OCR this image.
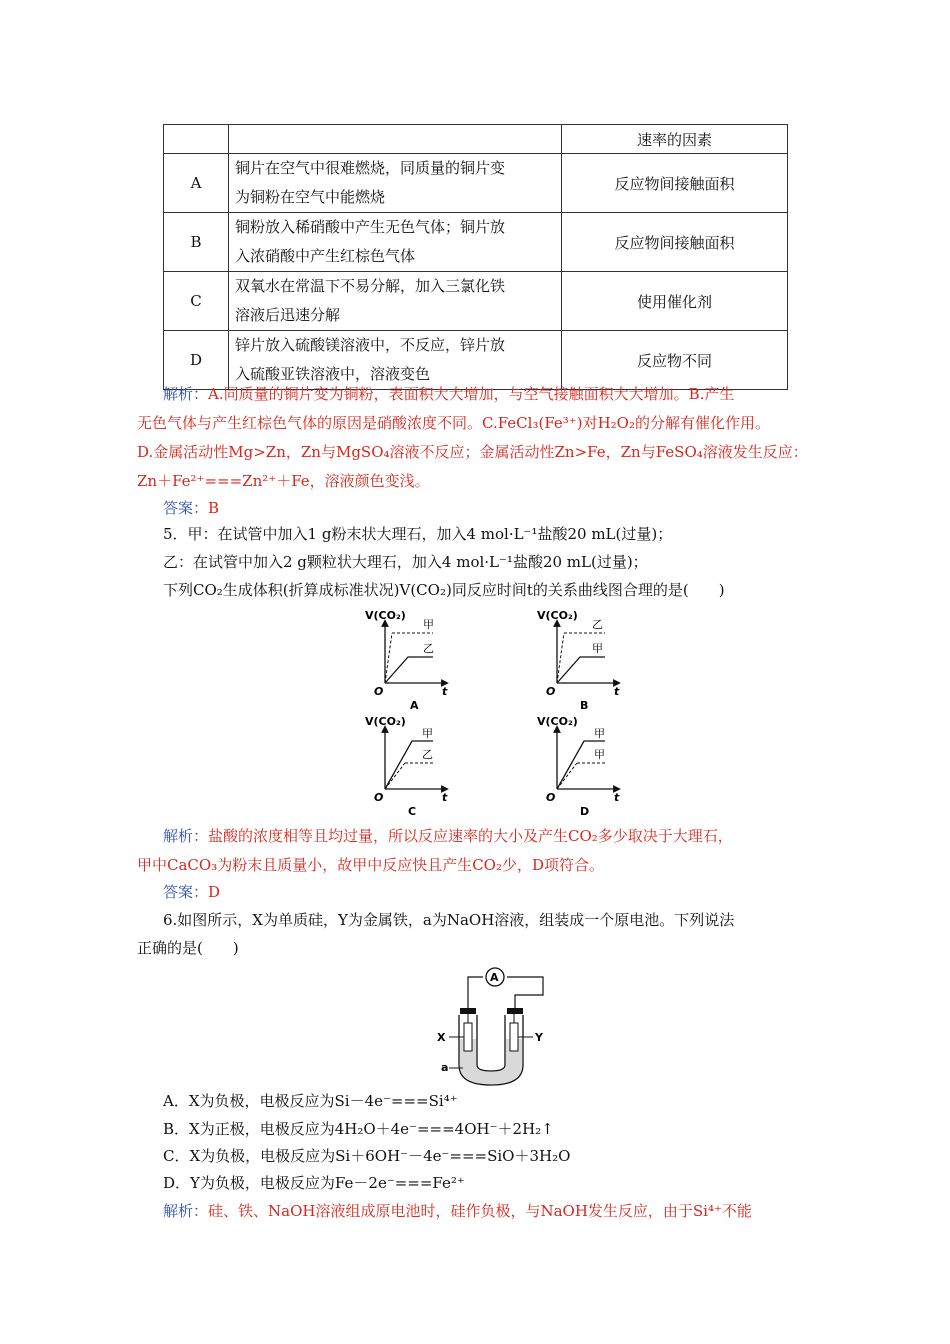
		速率的因素
A	铜片在空气中很难燃烧，同质量的铜片变
为铜粉在空气中能燃烧	反应物间接触面积
B	铜粉放入稀硝酸中产生无色气体；铜片放
入浓硝酸中产生红棕色气体	反应物间接触面积
C	双氧水在常温下不易分解，加入三氯化铁
溶液后迅速分解	使用催化剂
D	锌片放入硫酸镁溶液中，不反应，锌片放
入硫酸亚铁溶液中，溶液变色	反应物不同
解析：A.同质量的铜片变为铜粉，表面积大大增加，与空气接触面积大大增加。B.产生
无色气体与产生红棕色气体的原因是硝酸浓度不同。C.FeCl₃(Fe³⁺)对H₂O₂的分解有催化作用。
D.金属活动性Mg>Zn，Zn与MgSO₄溶液不反应；金属活动性Zn>Fe，Zn与FeSO₄溶液发生反应：
Zn＋Fe²⁺===Zn²⁺＋Fe，溶液颜色变浅。
答案：B
5．甲：在试管中加入1 g粉末状大理石，加入4 mol·L⁻¹盐酸20 mL(过量)；
乙：在试管中加入2 g颗粒状大理石，加入4 mol·L⁻¹盐酸20 mL(过量)；
下列CO₂生成体积(折算成标准状况)V(CO₂)同反应时间t的关系曲线图合理的是(　　)
V(CO₂)
O	t
甲
乙
A
V(CO₂)
O	t
乙
甲
B
V(CO₂)
O	t
甲
乙
C
V(CO₂)
O	t
甲
甲
D
解析：盐酸的浓度相等且均过量，所以反应速率的大小及产生CO₂多少取决于大理石，
甲中CaCO₃为粉末且质量小，故甲中反应快且产生CO₂少，D项符合。
答案：D
6.如图所示，X为单质硅，Y为金属铁，a为NaOH溶液，组装成一个原电池。下列说法
正确的是(　　)
A
X	Y
a
A．X为负极，电极反应为Si－4e⁻===Si⁴⁺
B．X为正极，电极反应为4H₂O＋4e⁻===4OH⁻＋2H₂↑
C．X为负极，电极反应为Si＋6OH⁻－4e⁻===SiO＋3H₂O
D．Y为负极，电极反应为Fe－2e⁻===Fe²⁺
解析：硅、铁、NaOH溶液组成原电池时，硅作负极，与NaOH发生反应，由于Si⁴⁺不能
